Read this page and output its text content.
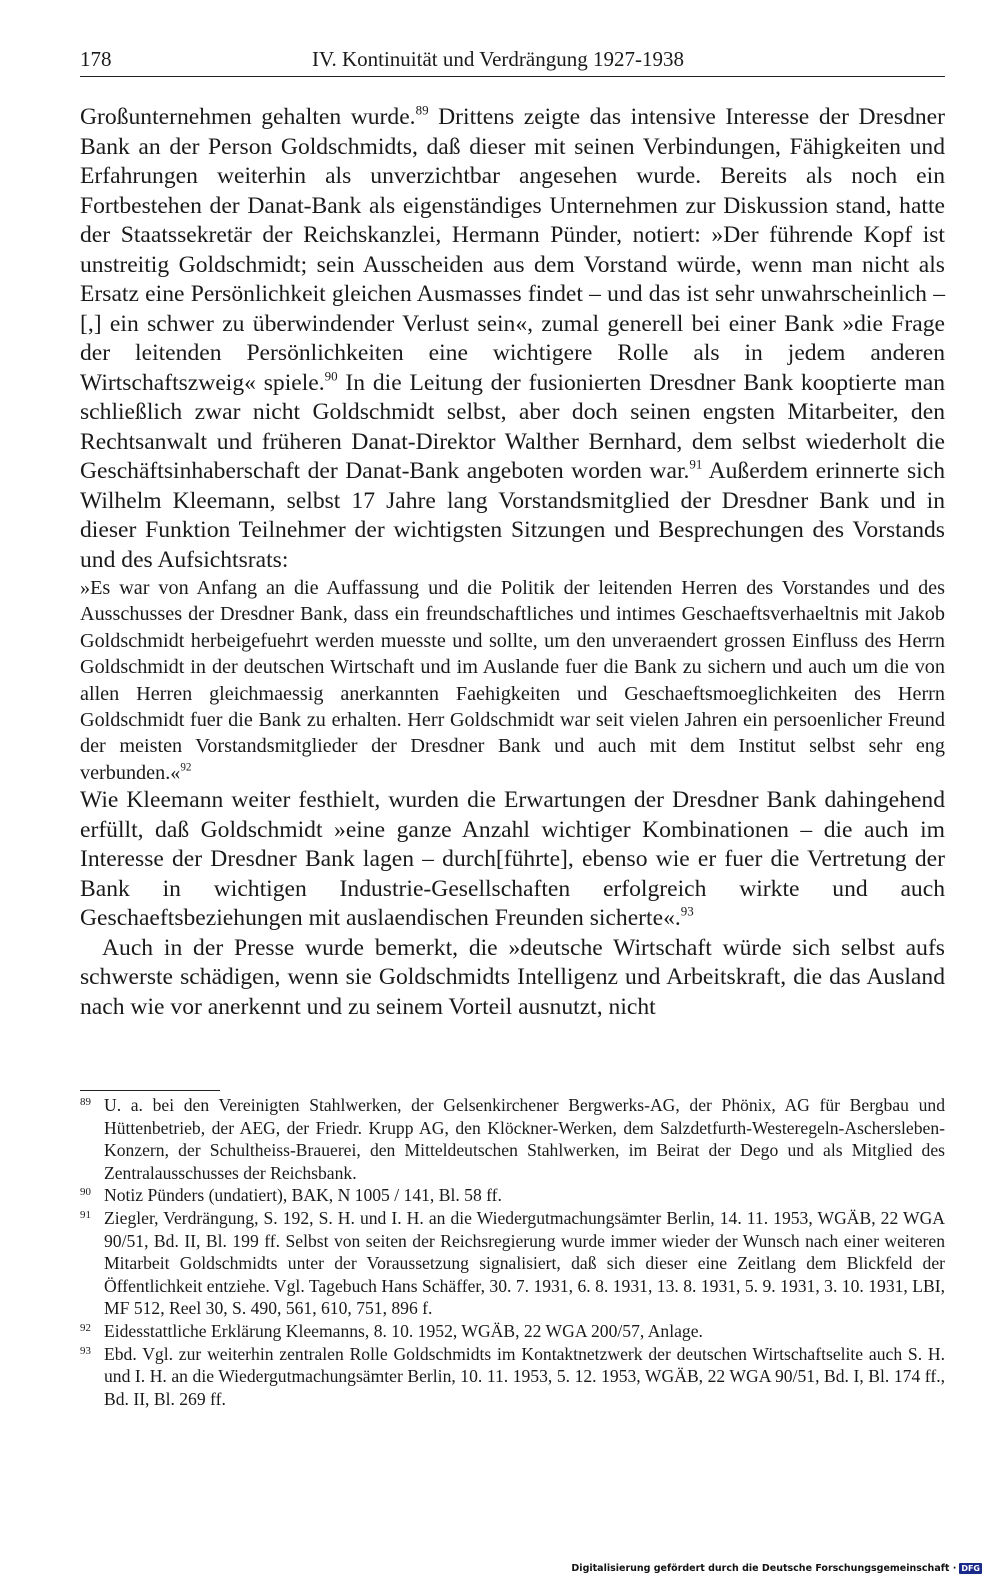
178	IV. Kontinuität und Verdrängung 1927-1938

Großunternehmen gehalten wurde.$^{89}$ Drittens zeigte das intensive Interesse der Dresdner Bank an der Person Goldschmidts, daß dieser mit seinen Verbindungen, Fähigkeiten und Erfahrungen weiterhin als unverzichtbar angesehen wurde. Bereits als noch ein Fortbestehen der Danat-Bank als eigenständiges Unternehmen zur Diskussion stand, hatte der Staatssekretär der Reichskanzlei, Hermann Pünder, notiert: »Der führende Kopf ist unstreitig Goldschmidt; sein Ausscheiden aus dem Vorstand würde, wenn man nicht als Ersatz eine Persönlichkeit gleichen Ausmasses findet – und das ist sehr unwahrscheinlich –[,] ein schwer zu überwindender Verlust sein«, zumal generell bei einer Bank »die Frage der leitenden Persönlichkeiten eine wichtigere Rolle als in jedem anderen Wirtschaftszweig« spiele.$^{90}$ In die Leitung der fusionierten Dresdner Bank kooptierte man schließlich zwar nicht Goldschmidt selbst, aber doch seinen engsten Mitarbeiter, den Rechtsanwalt und früheren Danat-Direktor Walther Bernhard, dem selbst wiederholt die Geschäftsinhaberschaft der Danat-Bank angeboten worden war.$^{91}$ Außerdem erinnerte sich Wilhelm Kleemann, selbst 17 Jahre lang Vorstandsmitglied der Dresdner Bank und in dieser Funktion Teilnehmer der wichtigsten Sitzungen und Besprechungen des Vorstands und des Aufsichtsrats:

»Es war von Anfang an die Auffassung und die Politik der leitenden Herren des Vorstandes und des Ausschusses der Dresdner Bank, dass ein freundschaftliches und intimes Geschaeftsverhaeltnis mit Jakob Goldschmidt herbeigefuehrt werden muesste und sollte, um den unveraendert grossen Einfluss des Herrn Goldschmidt in der deutschen Wirtschaft und im Auslande fuer die Bank zu sichern und auch um die von allen Herren gleichmaessig anerkannten Faehigkeiten und Geschaeftsmoeglichkeiten des Herrn Goldschmidt fuer die Bank zu erhalten. Herr Goldschmidt war seit vielen Jahren ein persoenlicher Freund der meisten Vorstandsmitglieder der Dresdner Bank und auch mit dem Institut selbst sehr eng verbunden.«$^{92}$

Wie Kleemann weiter festhielt, wurden die Erwartungen der Dresdner Bank dahingehend erfüllt, daß Goldschmidt »eine ganze Anzahl wichtiger Kombinationen – die auch im Interesse der Dresdner Bank lagen – durch[führte], ebenso wie er fuer die Vertretung der Bank in wichtigen Industrie-Gesellschaften erfolgreich wirkte und auch Geschaeftsbeziehungen mit auslaendischen Freunden sicherte«.$^{93}$

Auch in der Presse wurde bemerkt, die »deutsche Wirtschaft würde sich selbst aufs schwerste schädigen, wenn sie Goldschmidts Intelligenz und Arbeitskraft, die das Ausland nach wie vor anerkennt und zu seinem Vorteil ausnutzt, nicht

89 U. a. bei den Vereinigten Stahlwerken, der Gelsenkirchener Bergwerks-AG, der Phönix, AG für Bergbau und Hüttenbetrieb, der AEG, der Friedr. Krupp AG, den Klöckner-Werken, dem Salzdetfurth-Westeregeln-Aschersleben-Konzern, der Schultheiss-Brauerei, den Mitteldeutschen Stahlwerken, im Beirat der Dego und als Mitglied des Zentralausschusses der Reichsbank.
90 Notiz Pünders (undatiert), BAK, N 1005 / 141, Bl. 58 ff.
91 Ziegler, Verdrängung, S. 192, S. H. und I. H. an die Wiedergutmachungsämter Berlin, 14. 11. 1953, WGÄB, 22 WGA 90/51, Bd. II, Bl. 199 ff. Selbst von seiten der Reichsregierung wurde immer wieder der Wunsch nach einer weiteren Mitarbeit Goldschmidts unter der Voraussetzung signalisiert, daß sich dieser eine Zeitlang dem Blickfeld der Öffentlichkeit entziehe. Vgl. Tagebuch Hans Schäffer, 30. 7. 1931, 6. 8. 1931, 13. 8. 1931, 5. 9. 1931, 3. 10. 1931, LBI, MF 512, Reel 30, S. 490, 561, 610, 751, 896 f.
92 Eidesstattliche Erklärung Kleemanns, 8. 10. 1952, WGÄB, 22 WGA 200/57, Anlage.
93 Ebd. Vgl. zur weiterhin zentralen Rolle Goldschmidts im Kontaktnetzwerk der deutschen Wirtschaftselite auch S. H. und I. H. an die Wiedergutmachungsämter Berlin, 10. 11. 1953, 5. 12. 1953, WGÄB, 22 WGA 90/51, Bd. I, Bl. 174 ff., Bd. II, Bl. 269 ff.
Digitalisierung gefördert durch die Deutsche Forschungsgemeinschaft · DFG
